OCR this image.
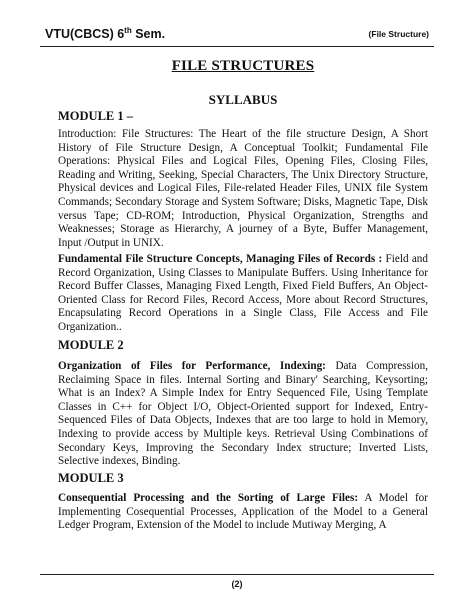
VTU(CBCS) 6th Sem.	(File Structure)
FILE STRUCTURES
SYLLABUS
MODULE 1 –
Introduction: File Structures: The Heart of the file structure Design, A Short History of File Structure Design, A Conceptual Toolkit; Fundamental File Operations: Physical Files and Logical Files, Opening Files, Closing Files, Reading and Writing, Seeking, Special Characters, The Unix Directory Structure, Physical devices and Logical Files, File-related Header Files, UNIX file System Commands; Secondary Storage and System Software; Disks, Magnetic Tape, Disk versus Tape; CD-ROM; Introduction, Physical Organization, Strengths and Weaknesses; Storage as Hierarchy, A journey of a Byte, Buffer Management, Input /Output in UNIX.
Fundamental File Structure Concepts, Managing Files of Records : Field and Record Organization, Using Classes to Manipulate Buffers. Using Inheritance for Record Buffer Classes, Managing Fixed Length, Fixed Field Buffers, An Object-Oriented Class for Record Files, Record Access, More about Record Structures, Encapsulating Record Operations in a Single Class, File Access and File Organization..
MODULE 2
Organization of Files for Performance, Indexing: Data Compression, Reclaiming Space in files. Internal Sorting and Binary' Searching, Keysorting; What is an Index? A Simple Index for Entry Sequenced File, Using Template Classes in C++ for Object I/O, Object-Oriented support for Indexed, Entry- Sequenced Files of Data Objects, Indexes that are too large to hold in Memory, Indexing to provide access by Multiple keys. Retrieval Using Combinations of Secondary Keys, Improving the Secondary Index structure; Inverted Lists, Selective indexes, Binding.
MODULE 3
Consequential Processing and the Sorting of Large Files: A Model for Implementing Cosequential Processes, Application of the Model to a General Ledger Program, Extension of the Model to include Mutiway Merging, A
(2)
